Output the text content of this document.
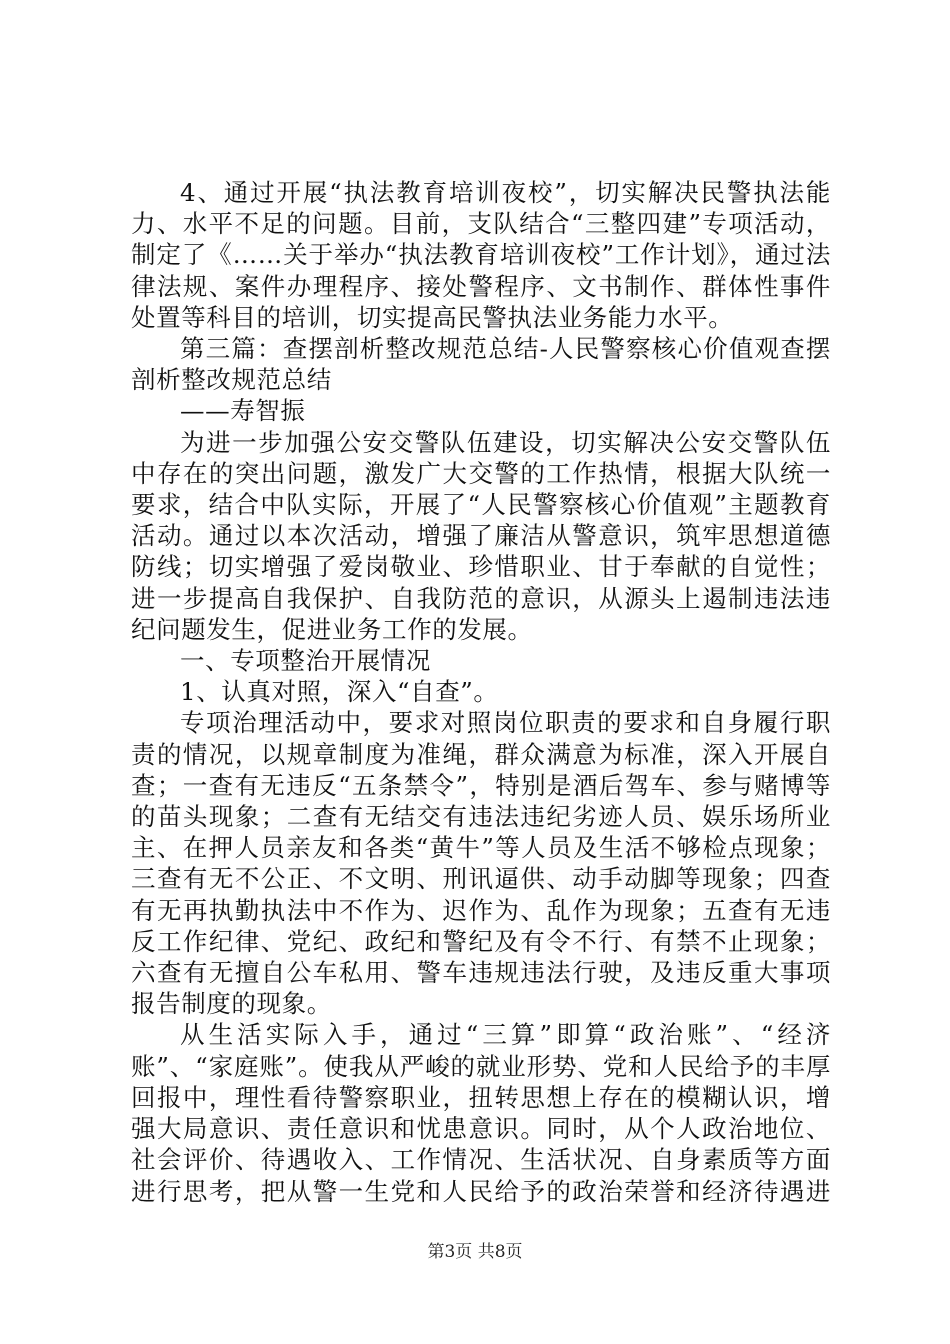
4、通过开展“执法教育培训夜校”，切实解决民警执法能力、水平不足的问题。目前，支队结合“三整四建”专项活动，制定了《……关于举办“执法教育培训夜校”工作计划》，通过法律法规、案件办理程序、接处警程序、文书制作、群体性事件处置等科目的培训，切实提高民警执法业务能力水平。

第三篇：查摆剖析整改规范总结-人民警察核心价值观查摆剖析整改规范总结

——寿智振

为进一步加强公安交警队伍建设，切实解决公安交警队伍中存在的突出问题，激发广大交警的工作热情，根据大队统一要求，结合中队实际，开展了“人民警察核心价值观”主题教育活动。通过以本次活动，增强了廉洁从警意识，筑牢思想道德防线；切实增强了爱岗敬业、珍惜职业、甘于奉献的自觉性；进一步提高自我保护、自我防范的意识，从源头上遏制违法违纪问题发生，促进业务工作的发展。

一、专项整治开展情况

1、认真对照，深入“自查”。

专项治理活动中，要求对照岗位职责的要求和自身履行职责的情况，以规章制度为准绳，群众满意为标准，深入开展自查；一查有无违反“五条禁令”，特别是酒后驾车、参与赌博等的苗头现象；二查有无结交有违法违纪劣迹人员、娱乐场所业主、在押人员亲友和各类“黄牛”等人员及生活不够检点现象；三查有无不公正、不文明、刑讯逼供、动手动脚等现象；四查有无再执勤执法中不作为、迟作为、乱作为现象；五查有无违反工作纪律、党纪、政纪和警纪及有令不行、有禁不止现象；六查有无擅自公车私用、警车违规违法行驶，及违反重大事项报告制度的现象。

从生活实际入手，通过“三算”即算“政治账”、“经济账”、“家庭账”。使我从严峻的就业形势、党和人民给予的丰厚回报中，理性看待警察职业，扭转思想上存在的模糊认识，增强大局意识、责任意识和忧患意识。同时，从个人政治地位、社会评价、待遇收入、工作情况、生活状况、自身素质等方面进行思考，把从警一生党和人民给予的政治荣誉和经济待遇进

第3页 共8页
